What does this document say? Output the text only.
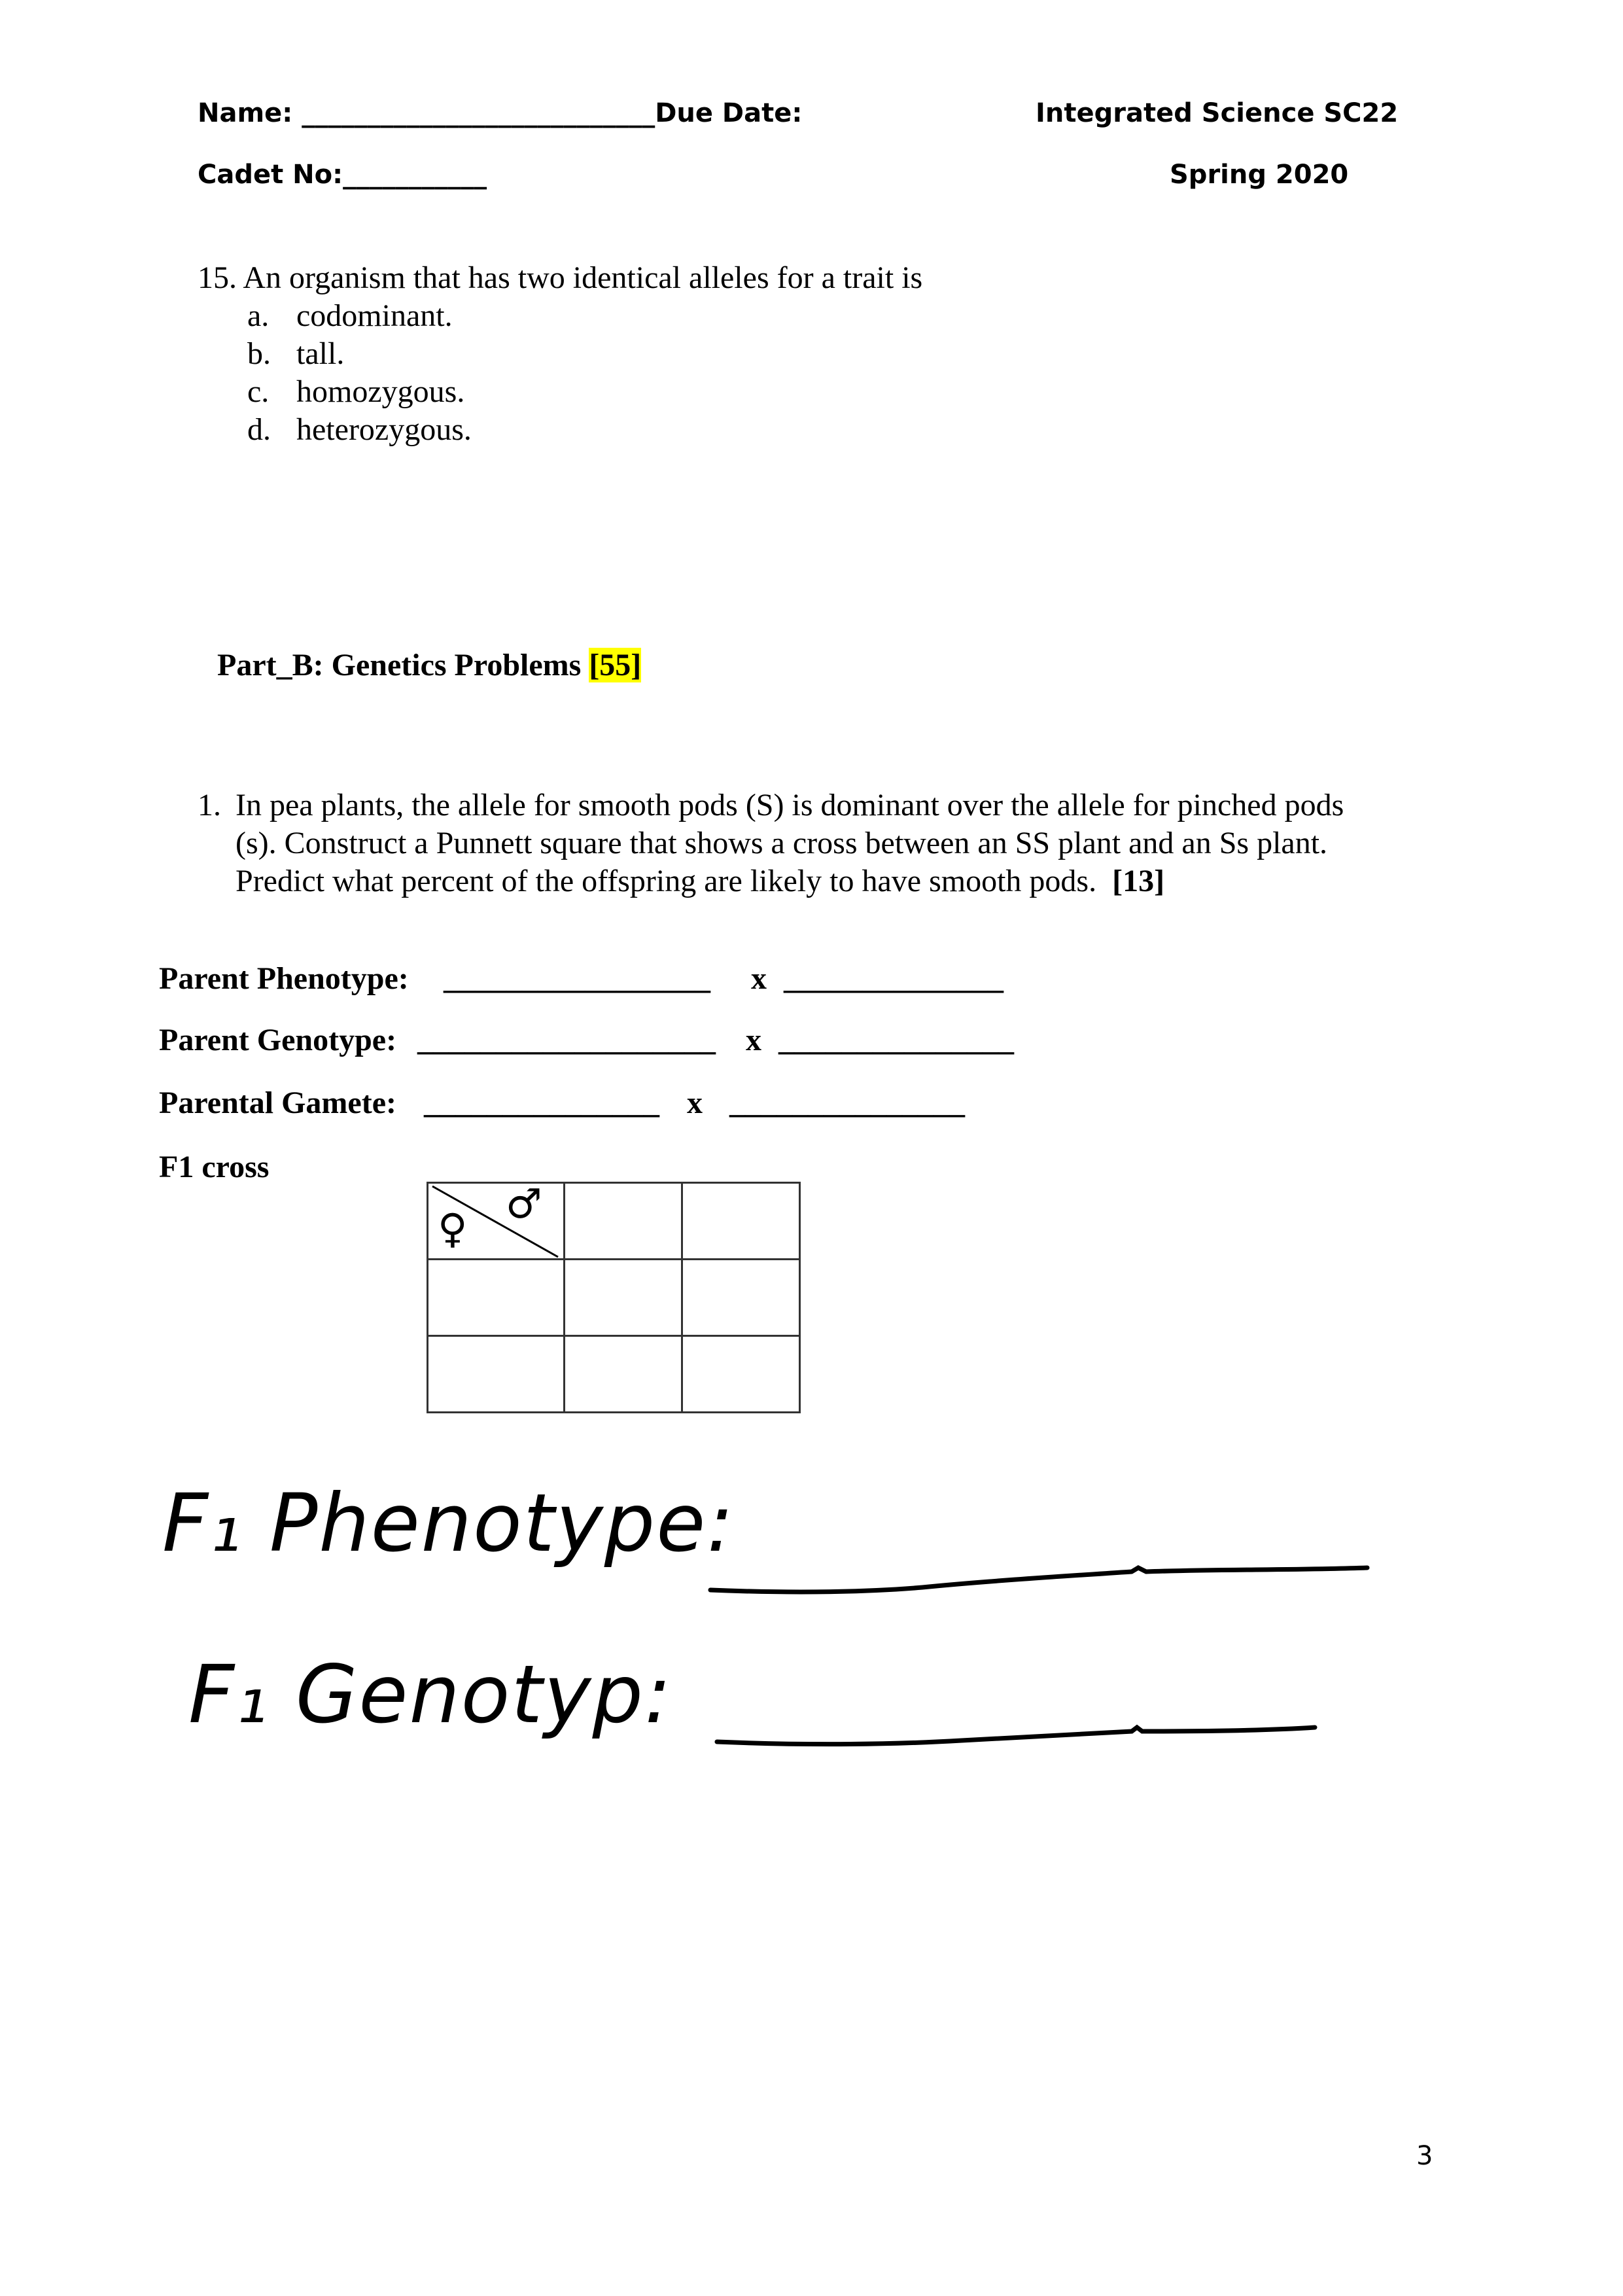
Name: ___________________________Due Date:	Integrated Science SC22
Cadet No:___________	Spring 2020
15. An organism that has two identical alleles for a trait is
a. codominant.
b. tall.
c. homozygous.
d. heterozygous.
Part_B: Genetics Problems [55]
1. In pea plants, the allele for smooth pods (S) is dominant over the allele for pinched pods
(s). Construct a Punnett square that shows a cross between an SS plant and an Ss plant.
Predict what percent of the offspring are likely to have smooth pods. [13]
Parent Phenotype: _________________ x ______________
Parent Genotype: ___________________ x _______________
Parental Gamete: _______________ x _______________
F1 cross
♀
♂		

F₁ Phenotype:
F₁ Genotyp:
3
